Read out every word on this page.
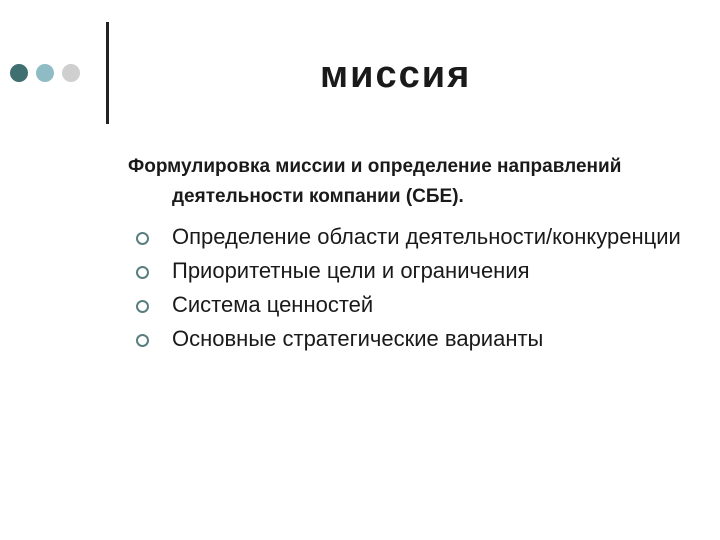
миссия
Формулировка миссии и определение направлений деятельности компании (СБЕ).
Определение области деятельности/конкуренции
Приоритетные цели и ограничения
Система ценностей
Основные стратегические варианты
